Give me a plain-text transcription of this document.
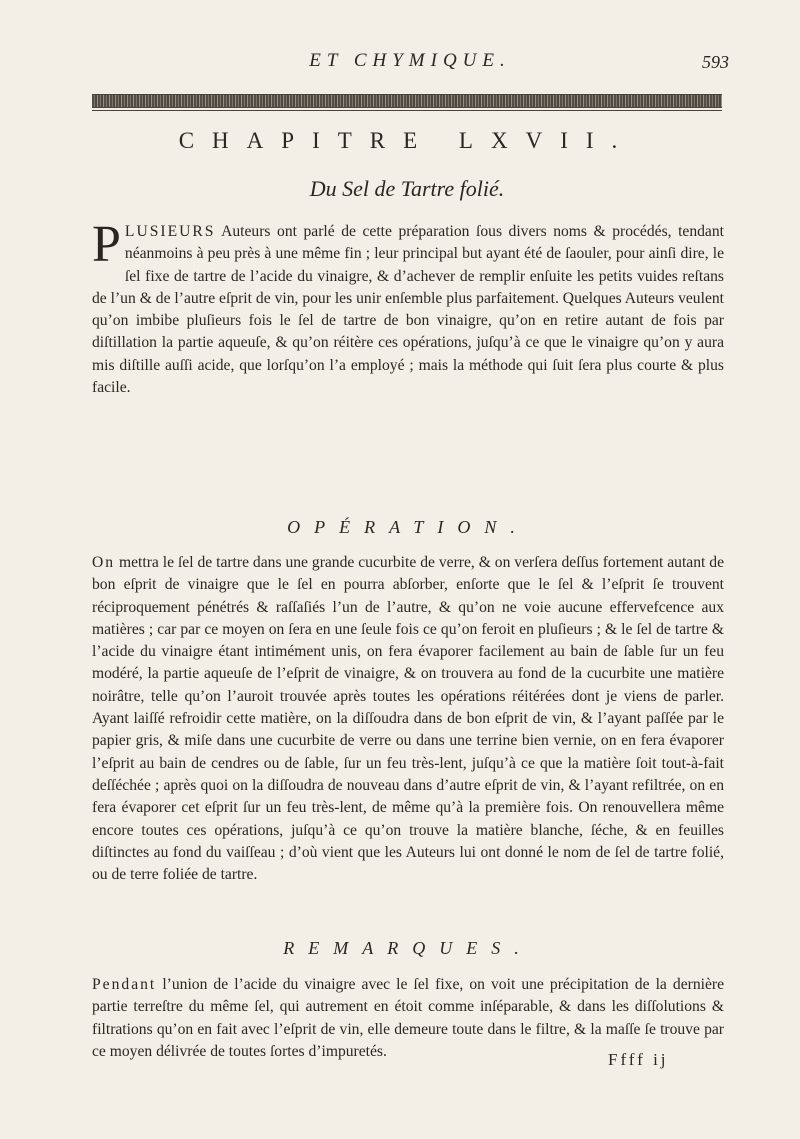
ET CHYMIQUE.	593
CHAPITRE LXVII.
Du Sel de Tartre folié.
PLUSIEURS Auteurs ont parlé de cette préparation ſous divers noms & procédés, tendant néanmoins à peu près à une même fin ; leur principal but ayant été de ſaouler, pour ainſi dire, le ſel fixe de tartre de l’acide du vinaigre, & d’achever de remplir enſuite les petits vuides reſtans de l’un & de l’autre eſprit de vin, pour les unir enſemble plus parfaitement. Quelques Auteurs veulent qu’on imbibe pluſieurs fois le ſel de tartre de bon vinaigre, qu’on en retire autant de fois par diſtillation la partie aqueuſe, & qu’on réitère ces opérations, juſqu’à ce que le vinaigre qu’on y aura mis diſtille auſſi acide, que lorſqu’on l’a employé ; mais la méthode qui ſuit ſera plus courte & plus facile.
OPÉRATION.
On mettra le ſel de tartre dans une grande cucurbite de verre, & on verſera deſſus fortement autant de bon eſprit de vinaigre que le ſel en pourra abſorber, enſorte que le ſel & l’eſprit ſe trouvent réciproquement pénétrés & raſſaſiés l’un de l’autre, & qu’on ne voie aucune effervefcence aux matières ; car par ce moyen on ſera en une ſeule fois ce qu’on feroit en pluſieurs ; & le ſel de tartre & l’acide du vinaigre étant intimément unis, on fera évaporer facilement au bain de ſable ſur un feu modéré, la partie aqueuſe de l’eſprit de vinaigre, & on trouvera au fond de la cucurbite une matière noirâtre, telle qu’on l’auroit trouvée après toutes les opérations réitérées dont je viens de parler. Ayant laiſſé refroidir cette matière, on la diſſoudra dans de bon eſprit de vin, & l’ayant paſſée par le papier gris, & miſe dans une cucurbite de verre ou dans une terrine bien vernie, on en fera évaporer l’eſprit au bain de cendres ou de ſable, ſur un feu très-lent, juſqu’à ce que la matière ſoit tout-à-fait deſſéchée ; après quoi on la diſſoudra de nouveau dans d’autre eſprit de vin, & l’ayant refiltrée, on en fera évaporer cet eſprit ſur un feu très-lent, de même qu’à la première fois. On renouvellera même encore toutes ces opérations, juſqu’à ce qu’on trouve la matière blanche, ſéche, & en feuilles diſtinctes au fond du vaiſſeau ; d’où vient que les Auteurs lui ont donné le nom de ſel de tartre folié, ou de terre foliée de tartre.
REMARQUES.
Pendant l’union de l’acide du vinaigre avec le ſel fixe, on voit une précipitation de la dernière partie terreſtre du même ſel, qui autrement en étoit comme inſéparable, & dans les diſſolutions & filtrations qu’on en fait avec l’eſprit de vin, elle demeure toute dans le filtre, & la maſſe ſe trouve par ce moyen délivrée de toutes ſortes d’impuretés.	Ffff ij
